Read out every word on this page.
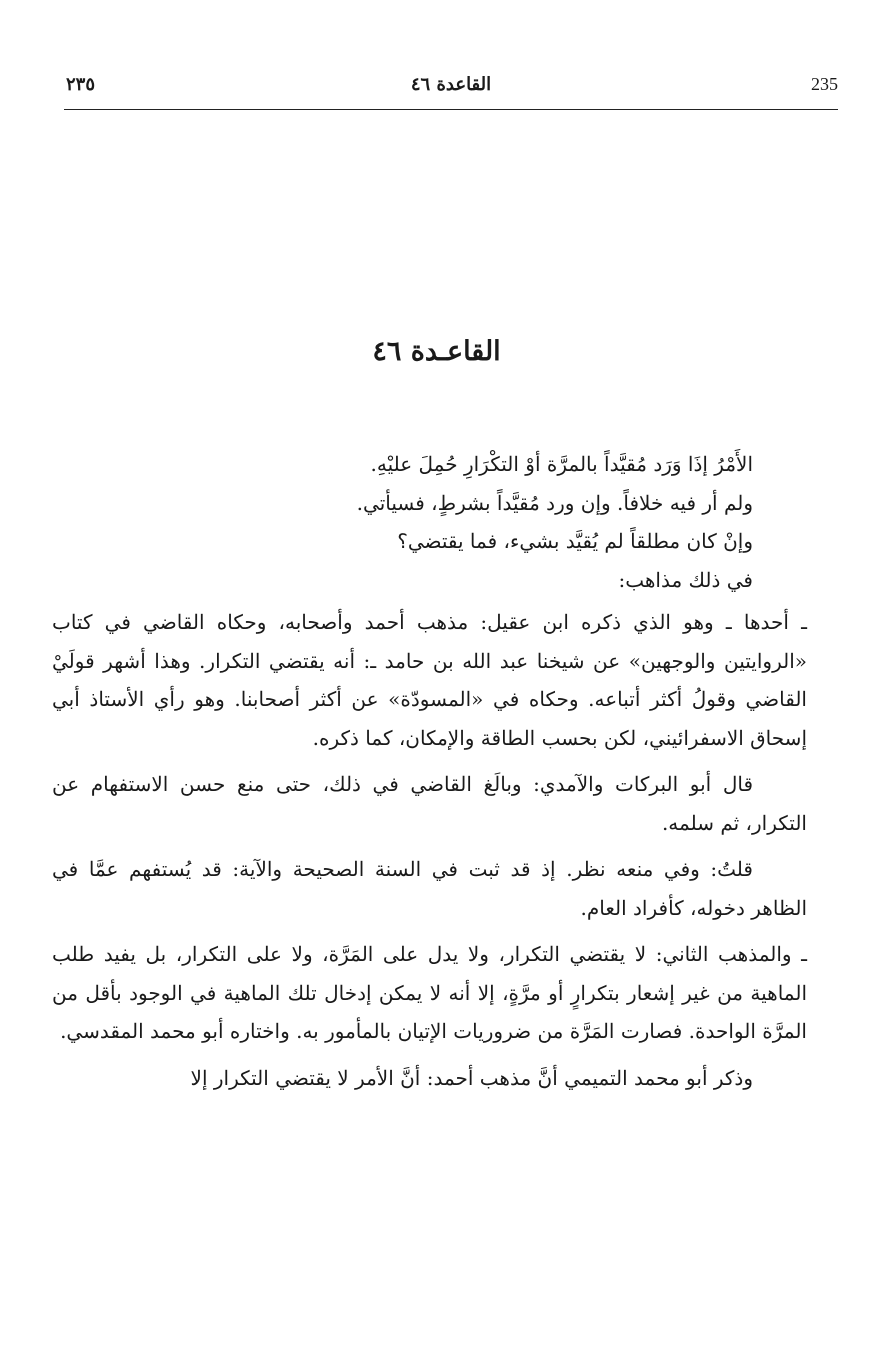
235
القاعدة ٤٦
٢٣٥
القاعـدة ٤٦

الأَمْرُ إذَا وَرَد مُقيَّداً بالمرَّة أوْ التكْرَارِ حُمِلَ عليْهِ.

ولم أر فيه خلافاً. وإن ورد مُقيَّداً بشرطٍ، فسيأتي.

وإنْ كان مطلقاً لم يُقيَّد بشيء، فما يقتضي؟

في ذلك مذاهب:

ـ أحدها ـ وهو الذي ذكره ابن عقيل: مذهب أحمد وأصحابه، وحكاه القاضي في كتاب «الروايتين والوجهين» عن شيخنا عبد الله بن حامد ـ: أنه يقتضي التكرار. وهذا أشهر قولَيْ القاضي وقولُ أكثر أتباعه. وحكاه في «المسودّة» عن أكثر أصحابنا. وهو رأي الأستاذ أبي إسحاق الاسفرائيني، لكن بحسب الطاقة والإمكان، كما ذكره.

قال أبو البركات والآمدي: وبالَغ القاضي في ذلك، حتى منع حسن الاستفهام عن التكرار، ثم سلمه.

قلتُ: وفي منعه نظر. إذ قد ثبت في السنة الصحيحة والآية: قد يُستفهم عمَّا في الظاهر دخوله، كأفراد العام.

ـ والمذهب الثاني: لا يقتضي التكرار، ولا يدل على المَرَّة، ولا على التكرار، بل يفيد طلب الماهية من غير إشعار بتكرارٍ أو مرَّةٍ، إلا أنه لا يمكن إدخال تلك الماهية في الوجود بأقل من المرَّة الواحدة. فصارت المَرَّة من ضروريات الإتيان بالمأمور به. واختاره أبو محمد المقدسي.

وذكر أبو محمد التميمي أنَّ مذهب أحمد: أنَّ الأمر لا يقتضي التكرار إلا
